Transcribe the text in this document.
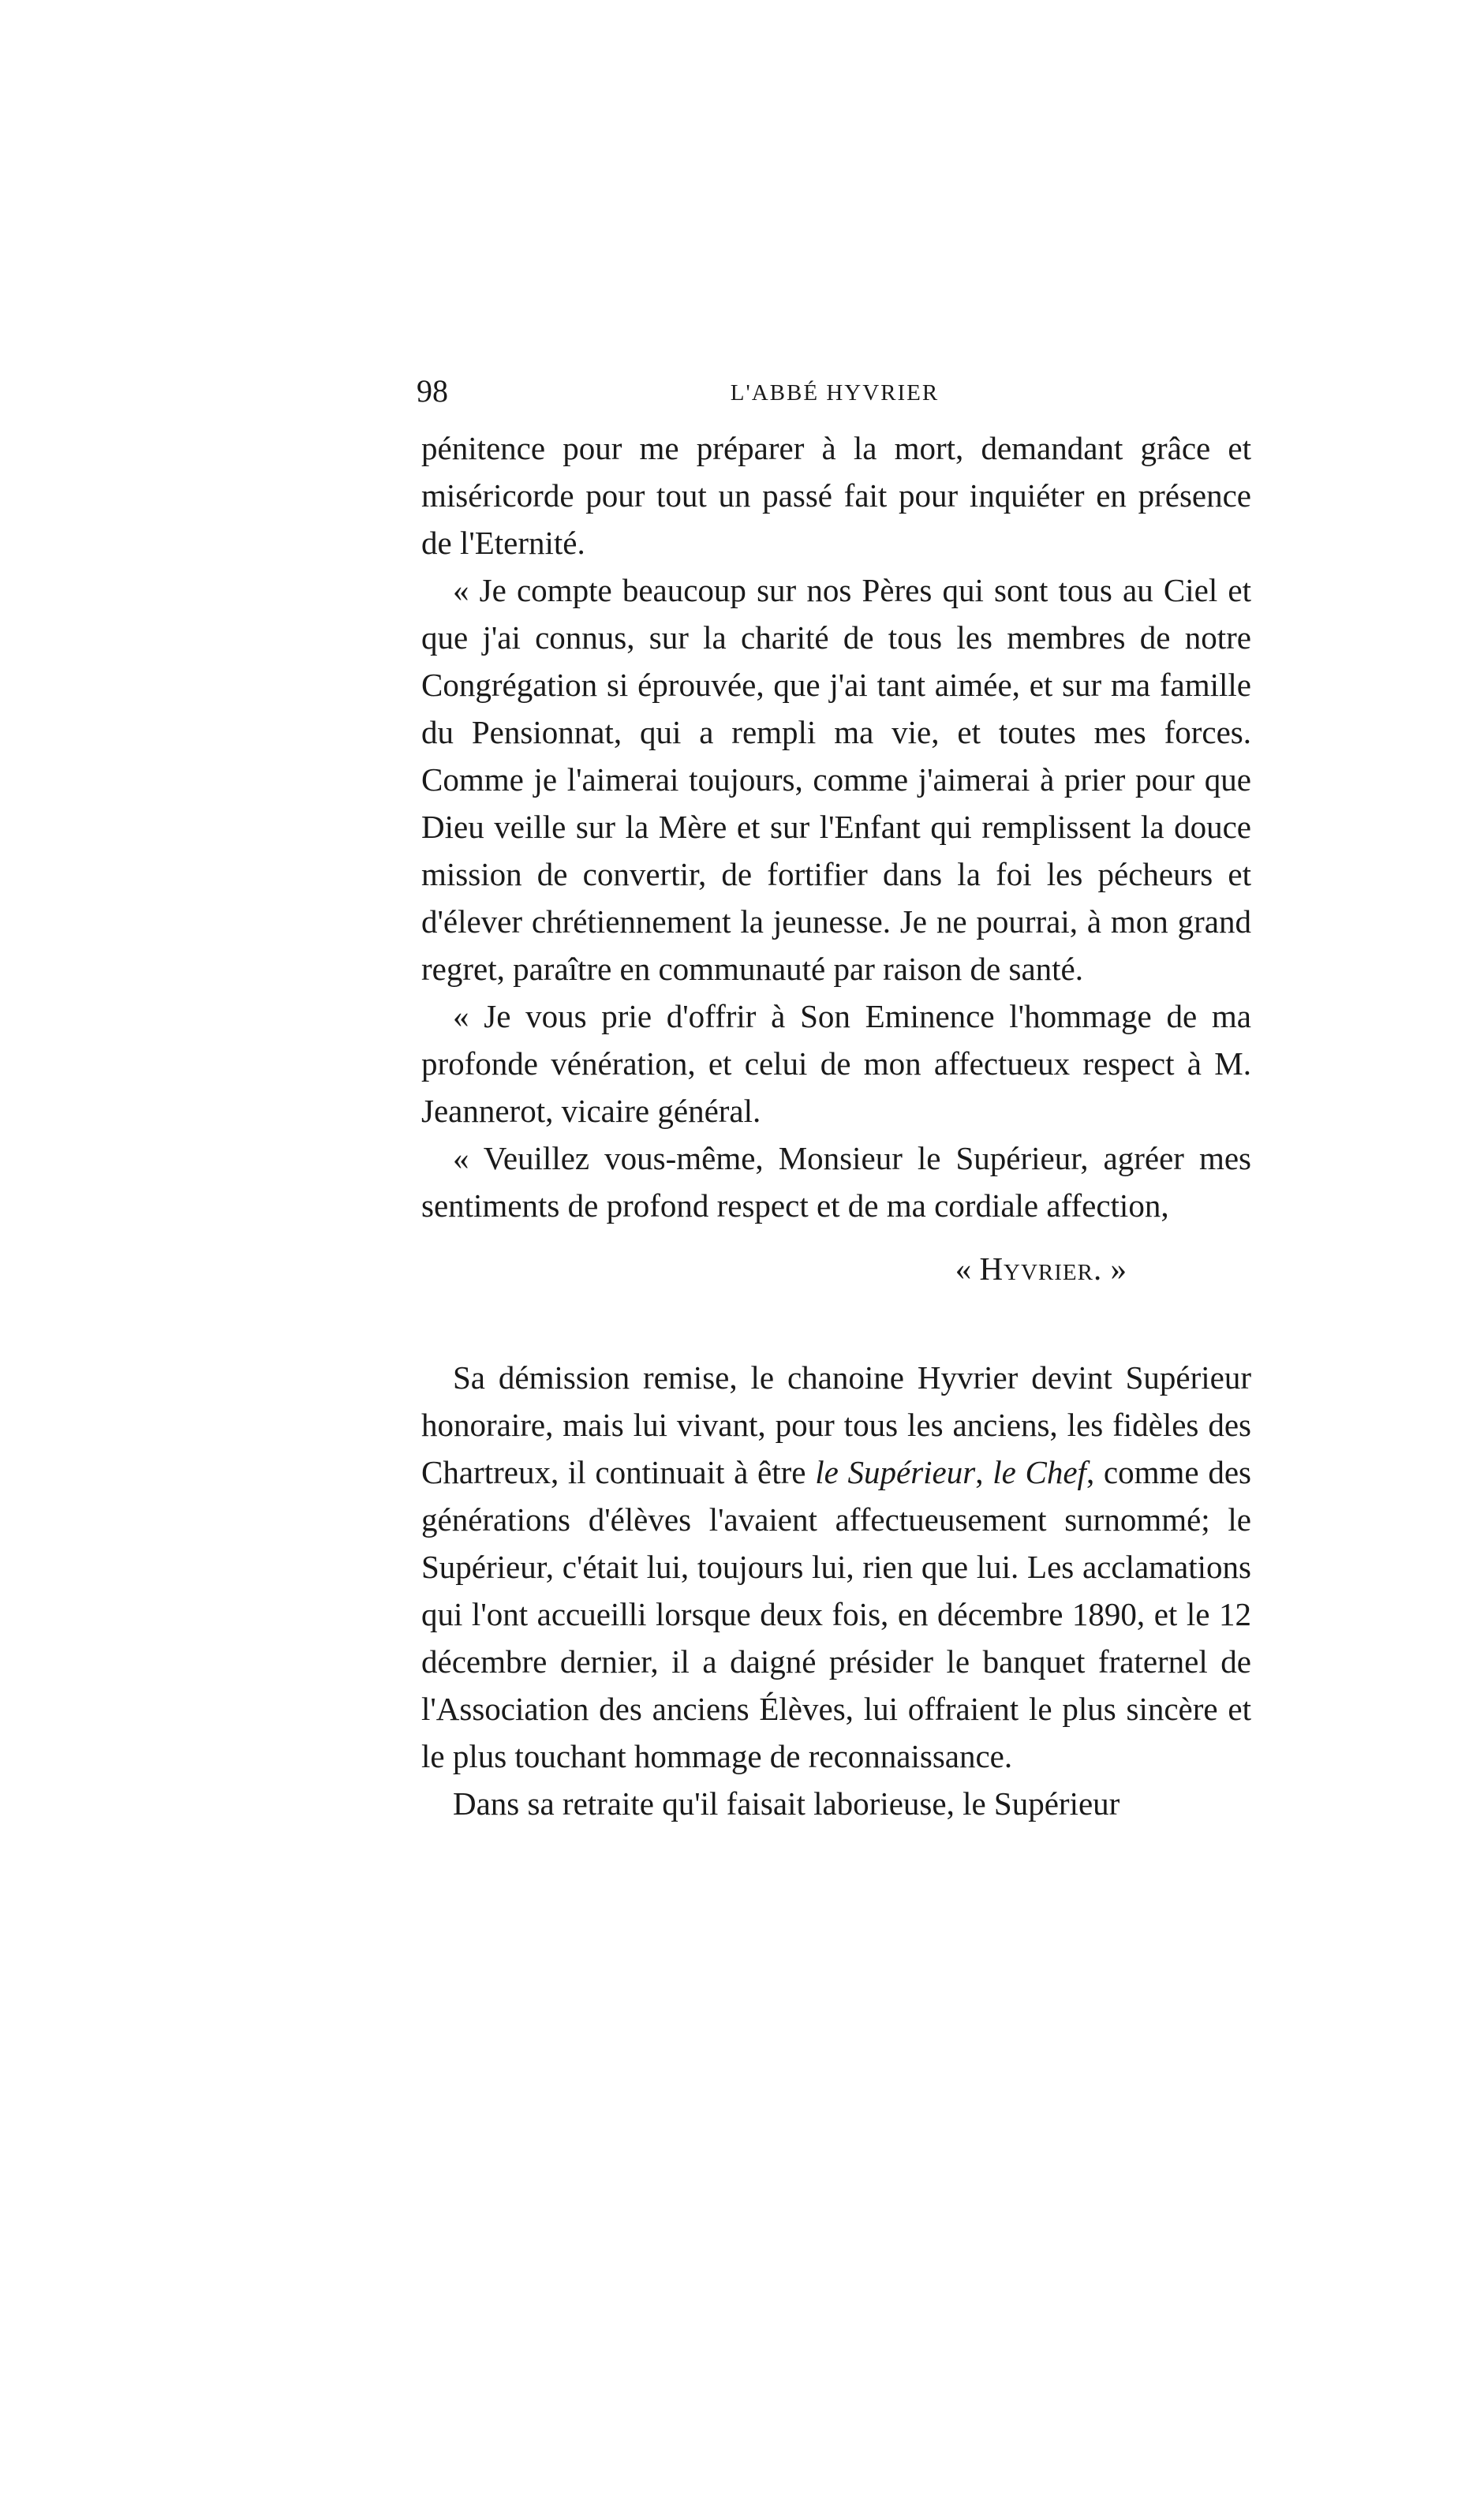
98	L'ABBÉ HYVRIER

pénitence pour me préparer à la mort, demandant grâce et miséricorde pour tout un passé fait pour inquiéter en présence de l'Eternité.

« Je compte beaucoup sur nos Pères qui sont tous au Ciel et que j'ai connus, sur la charité de tous les membres de notre Congrégation si éprouvée, que j'ai tant aimée, et sur ma famille du Pensionnat, qui a rempli ma vie, et toutes mes forces. Comme je l'aimerai toujours, comme j'aimerai à prier pour que Dieu veille sur la Mère et sur l'Enfant qui remplissent la douce mission de convertir, de fortifier dans la foi les pécheurs et d'élever chrétiennement la jeunesse. Je ne pourrai, à mon grand regret, paraître en communauté par raison de santé.

« Je vous prie d'offrir à Son Eminence l'hommage de ma profonde vénération, et celui de mon affectueux respect à M. Jeannerot, vicaire général.

« Veuillez vous-même, Monsieur le Supérieur, agréer mes sentiments de profond respect et de ma cordiale affection,

« Hyvrier. »

Sa démission remise, le chanoine Hyvrier devint Supérieur honoraire, mais lui vivant, pour tous les anciens, les fidèles des Chartreux, il continuait à être le Supérieur, le Chef, comme des générations d'élèves l'avaient affectueusement surnommé; le Supérieur, c'était lui, toujours lui, rien que lui. Les acclamations qui l'ont accueilli lorsque deux fois, en décembre 1890, et le 12 décembre dernier, il a daigné présider le banquet fraternel de l'Association des anciens Élèves, lui offraient le plus sincère et le plus touchant hommage de reconnaissance.

Dans sa retraite qu'il faisait laborieuse, le Supérieur
